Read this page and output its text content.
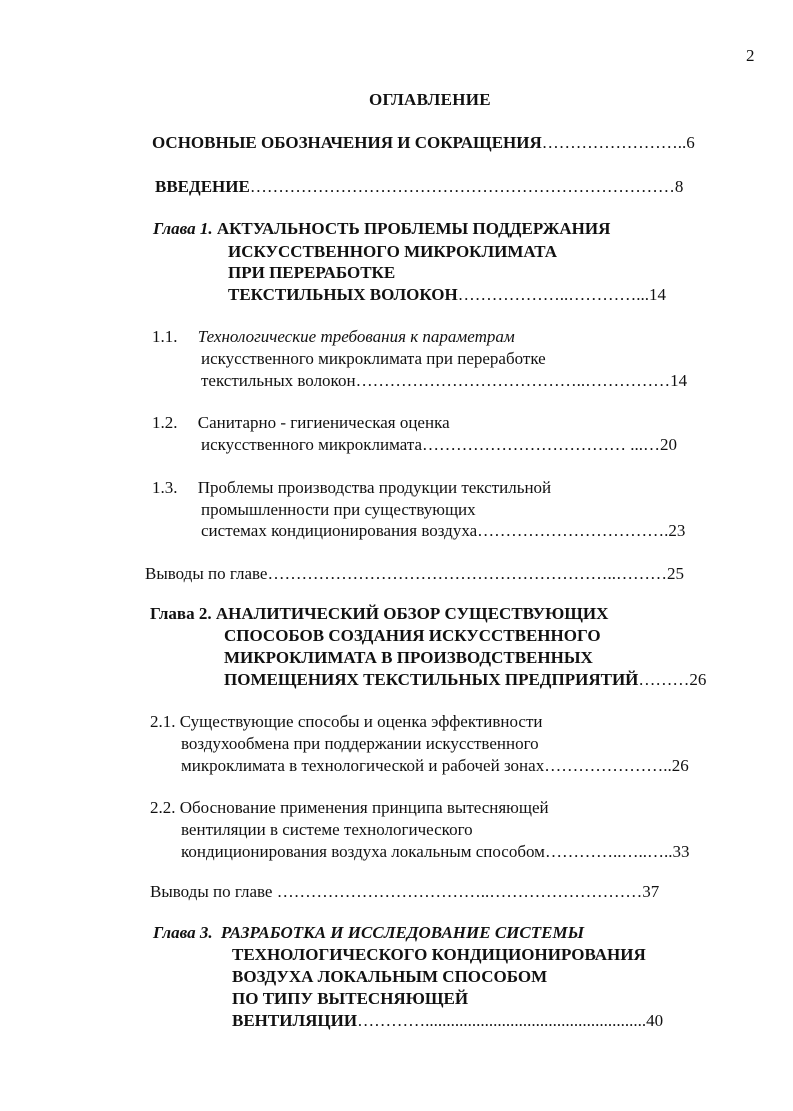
2
ОГЛАВЛЕНИЕ
ОСНОВНЫЕ ОБОЗНАЧЕНИЯ И СОКРАЩЕНИЯ……………………..6
ВВЕДЕНИЕ…………………………………………………………………8
Глава 1. АКТУАЛЬНОСТЬ ПРОБЛЕМЫ ПОДДЕРЖАНИЯ
ИСКУССТВЕННОГО МИКРОКЛИМАТА
ПРИ ПЕРЕРАБОТКЕ
ТЕКСТИЛЬНЫХ ВОЛОКОН………………..…………...14
1.1. Технологические требования к параметрам
искусственного микроклимата при переработке
текстильных волокон…………………………………..……………14
1.2. Санитарно - гигиеническая оценка
искусственного микроклимата……………………………… ...…20
1.3. Проблемы производства продукции текстильной
промышленности при существующих
системах кондиционирования воздуха…………………………….23
Выводы по главе……………………………………………………..………25
Глава 2. АНАЛИТИЧЕСКИЙ ОБЗОР СУЩЕСТВУЮЩИХ
СПОСОБОВ СОЗДАНИЯ ИСКУССТВЕННОГО
МИКРОКЛИМАТА В ПРОИЗВОДСТВЕННЫХ
ПОМЕЩЕНИЯХ ТЕКСТИЛЬНЫХ ПРЕДПРИЯТИЙ………26
2.1. Существующие способы и оценка эффективности
воздухообмена при поддержании искусственного
микроклимата в технологической и рабочей зонах…………………..26
2.2. Обоснование применения принципа вытесняющей
вентиляции в системе технологического
кондиционирования воздуха локальным способом…………..…..…..33
Выводы по главе ………………………………..………………………37
Глава 3. РАЗРАБОТКА И ИССЛЕДОВАНИЕ СИСТЕМЫ
ТЕХНОЛОГИЧЕСКОГО КОНДИЦИОНИРОВАНИЯ
ВОЗДУХА ЛОКАЛЬНЫМ СПОСОБОМ
ПО ТИПУ ВЫТЕСНЯЮЩЕЙ
ВЕНТИЛЯЦИИ…………....................................................40
